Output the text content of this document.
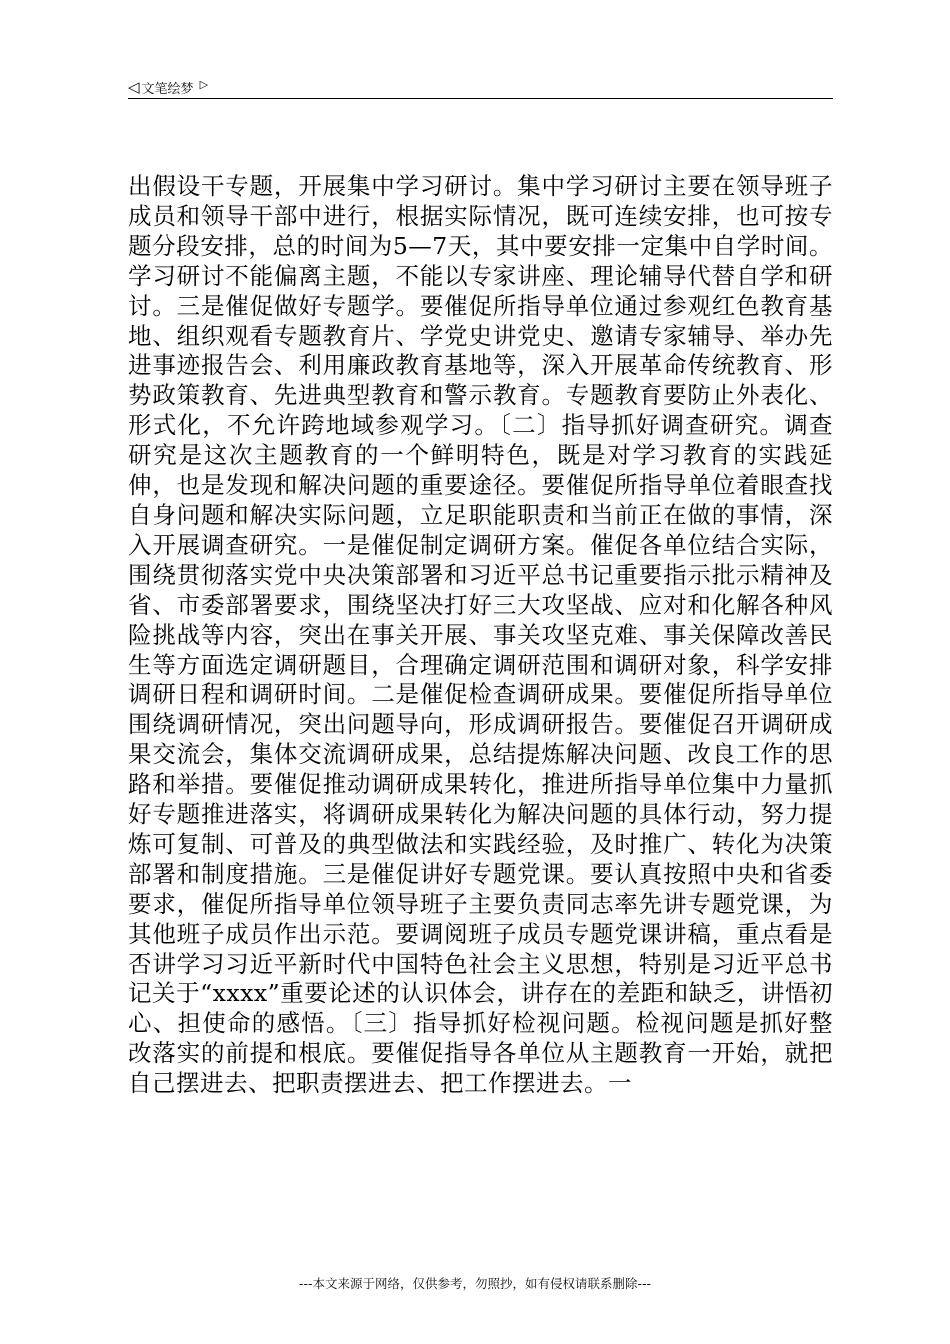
◁ 文笔绘梦 ▷

出假设干专题，开展集中学习研讨。集中学习研讨主要在领导班子成员和领导干部中进行，根据实际情况，既可连续安排，也可按专题分段安排，总的时间为5—7天，其中要安排一定集中自学时间。学习研讨不能偏离主题，不能以专家讲座、理论辅导代替自学和研讨。三是催促做好专题学。要催促所指导单位通过参观红色教育基地、组织观看专题教育片、学党史讲党史、邀请专家辅导、举办先进事迹报告会、利用廉政教育基地等，深入开展革命传统教育、形势政策教育、先进典型教育和警示教育。专题教育要防止外表化、形式化，不允许跨地域参观学习。〔二〕指导抓好调查研究。调查研究是这次主题教育的一个鲜明特色，既是对学习教育的实践延伸，也是发现和解决问题的重要途径。要催促所指导单位着眼查找自身问题和解决实际问题，立足职能职责和当前正在做的事情，深入开展调查研究。一是催促制定调研方案。催促各单位结合实际，围绕贯彻落实党中央决策部署和习近平总书记重要指示批示精神及省、市委部署要求，围绕坚决打好三大攻坚战、应对和化解各种风险挑战等内容，突出在事关开展、事关攻坚克难、事关保障改善民生等方面选定调研题目，合理确定调研范围和调研对象，科学安排调研日程和调研时间。二是催促检查调研成果。要催促所指导单位围绕调研情况，突出问题导向，形成调研报告。要催促召开调研成果交流会，集体交流调研成果，总结提炼解决问题、改良工作的思路和举措。要催促推动调研成果转化，推进所指导单位集中力量抓好专题推进落实，将调研成果转化为解决问题的具体行动，努力提炼可复制、可普及的典型做法和实践经验，及时推广、转化为决策部署和制度措施。三是催促讲好专题党课。要认真按照中央和省委要求，催促所指导单位领导班子主要负责同志率先讲专题党课，为其他班子成员作出示范。要调阅班子成员专题党课讲稿，重点看是否讲学习习近平新时代中国特色社会主义思想，特别是习近平总书记关于“xxxx”重要论述的认识体会，讲存在的差距和缺乏，讲悟初心、担使命的感悟。〔三〕指导抓好检视问题。检视问题是抓好整改落实的前提和根底。要催促指导各单位从主题教育一开始，就把自己摆进去、把职责摆进去、把工作摆进去。一

---本文来源于网络，仅供参考，勿照抄，如有侵权请联系删除---
